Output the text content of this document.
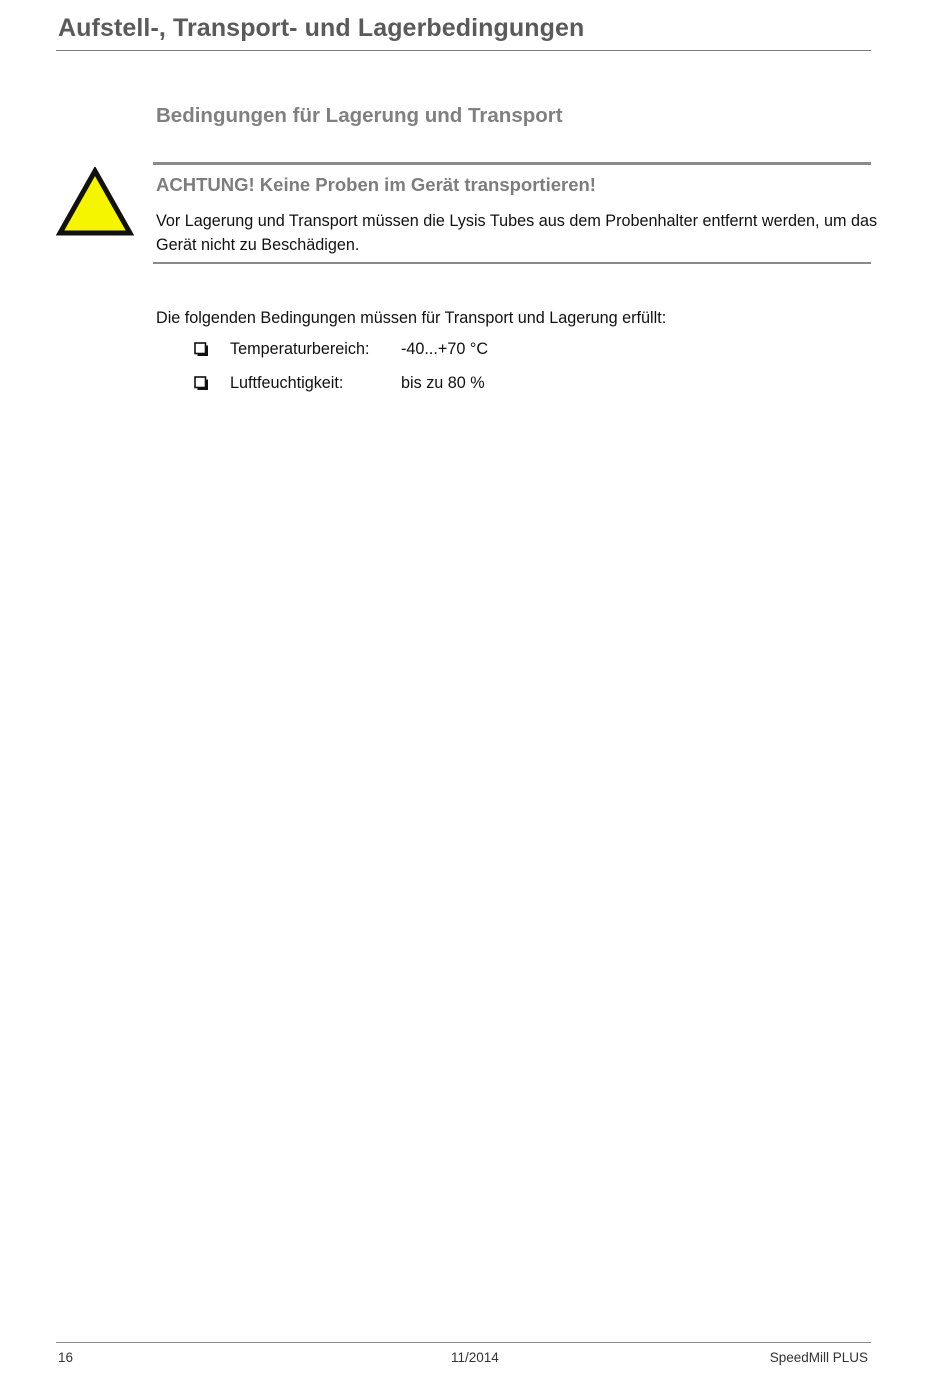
Aufstell-, Transport- und Lagerbedingungen
Bedingungen für Lagerung und Transport
ACHTUNG! Keine Proben im Gerät transportieren!
Vor Lagerung und Transport müssen die Lysis Tubes aus dem Probenhalter entfernt werden, um das Gerät nicht zu Beschädigen.
Die folgenden Bedingungen müssen für Transport und Lagerung erfüllt:
Temperaturbereich: -40...+70 °C
Luftfeuchtigkeit:	bis zu 80 %
16	11/2014	SpeedMill PLUS
